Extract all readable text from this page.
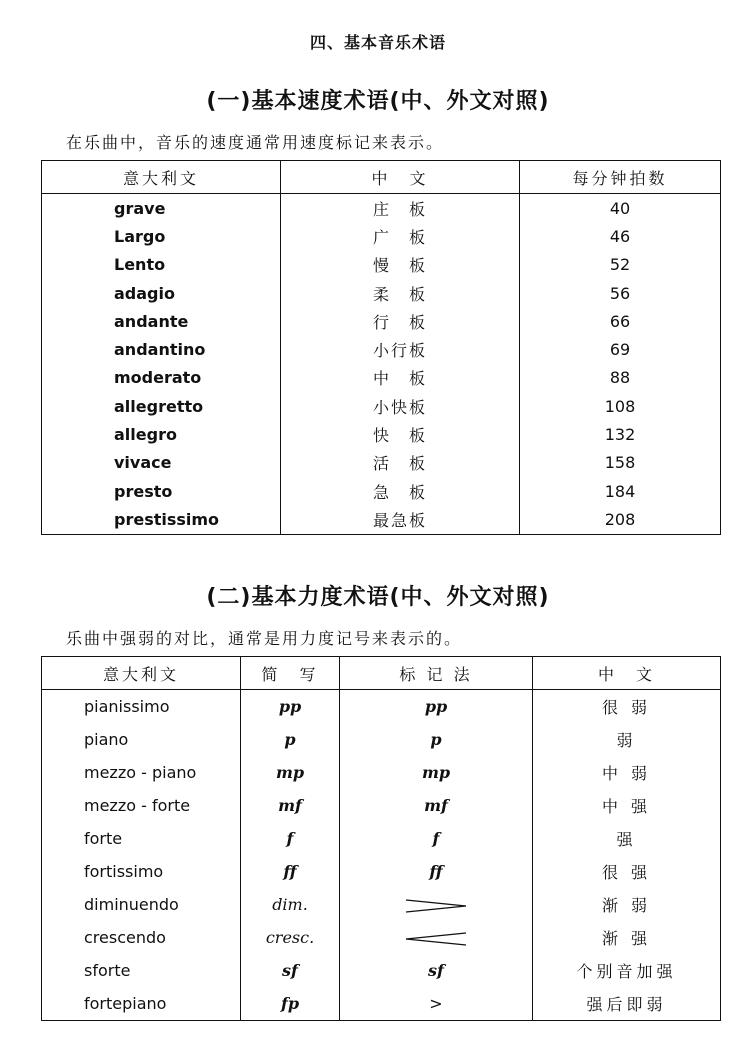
四、基本音乐术语
(一)基本速度术语(中、外文对照)
在乐曲中，音乐的速度通常用速度标记来表示。
意大利文	中　文	每分钟拍数
grave	庄　板	40
Largo	广　板	46
Lento	慢　板	52
adagio	柔　板	56
andante	行　板	66
andantino	小行板	69
moderato	中　板	88
allegretto	小快板	108
allegro	快　板	132
vivace	活　板	158
presto	急　板	184
prestissimo	最急板	208
(二)基本力度术语(中、外文对照)
乐曲中强弱的对比，通常是用力度记号来表示的。
意大利文	简　写	标 记 法	中　文
pianissimo	pp	pp	很 弱
piano	p	p	弱
mezzo - piano	mp	mp	中 弱
mezzo - forte	mf	mf	中 强
forte	f	f	强
fortissimo	ff	ff	很 强
diminuendo	dim.		渐 弱
crescendo	cresc.		渐 强
sforte	sf	sf	个别音加强
fortepiano	fp	>	强后即弱
